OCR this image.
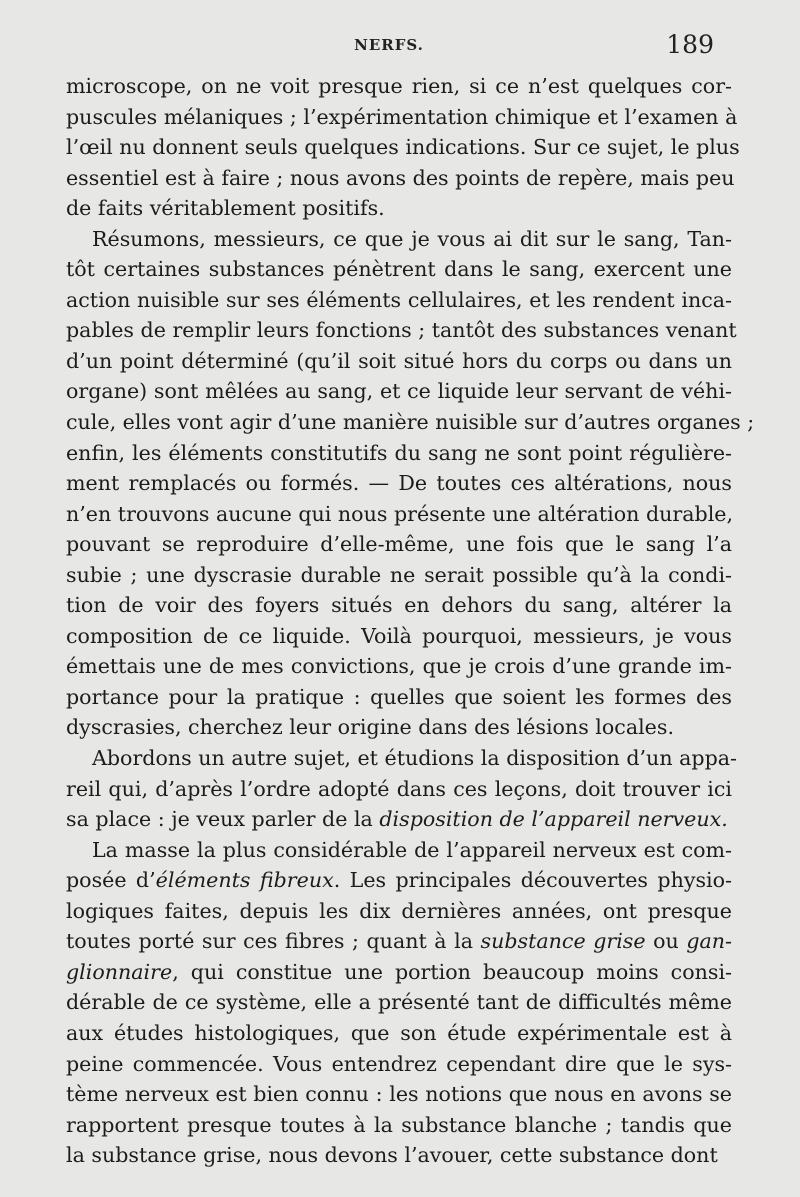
NERFS.	189
microscope, on ne voit presque rien, si ce n’est quelques cor-
puscules mélaniques ; l’expérimentation chimique et l’examen à
l’œil nu donnent seuls quelques indications. Sur ce sujet, le plus
essentiel est à faire ; nous avons des points de repère, mais peu
de faits véritablement positifs.
Résumons, messieurs, ce que je vous ai dit sur le sang, Tan-
tôt certaines substances pénètrent dans le sang, exercent une
action nuisible sur ses éléments cellulaires, et les rendent inca-
pables de remplir leurs fonctions ; tantôt des substances venant
d’un point déterminé (qu’il soit situé hors du corps ou dans un
organe) sont mêlées au sang, et ce liquide leur servant de véhi-
cule, elles vont agir d’une manière nuisible sur d’autres organes ;
enfin, les éléments constitutifs du sang ne sont point régulière-
ment remplacés ou formés. — De toutes ces altérations, nous
n’en trouvons aucune qui nous présente une altération durable,
pouvant se reproduire d’elle-même, une fois que le sang l’a
subie ; une dyscrasie durable ne serait possible qu’à la condi-
tion de voir des foyers situés en dehors du sang, altérer la
composition de ce liquide. Voilà pourquoi, messieurs, je vous
émettais une de mes convictions, que je crois d’une grande im-
portance pour la pratique : quelles que soient les formes des
dyscrasies, cherchez leur origine dans des lésions locales.
Abordons un autre sujet, et étudions la disposition d’un appa-
reil qui, d’après l’ordre adopté dans ces leçons, doit trouver ici
sa place : je veux parler de la disposition de l’appareil nerveux.
La masse la plus considérable de l’appareil nerveux est com-
posée d’éléments fibreux. Les principales découvertes physio-
logiques faites, depuis les dix dernières années, ont presque
toutes porté sur ces fibres ; quant à la substance grise ou gan-
glionnaire, qui constitue une portion beaucoup moins consi-
dérable de ce système, elle a présenté tant de difficultés même
aux études histologiques, que son étude expérimentale est à
peine commencée. Vous entendrez cependant dire que le sys-
tème nerveux est bien connu : les notions que nous en avons se
rapportent presque toutes à la substance blanche ; tandis que
la substance grise, nous devons l’avouer, cette substance dont
